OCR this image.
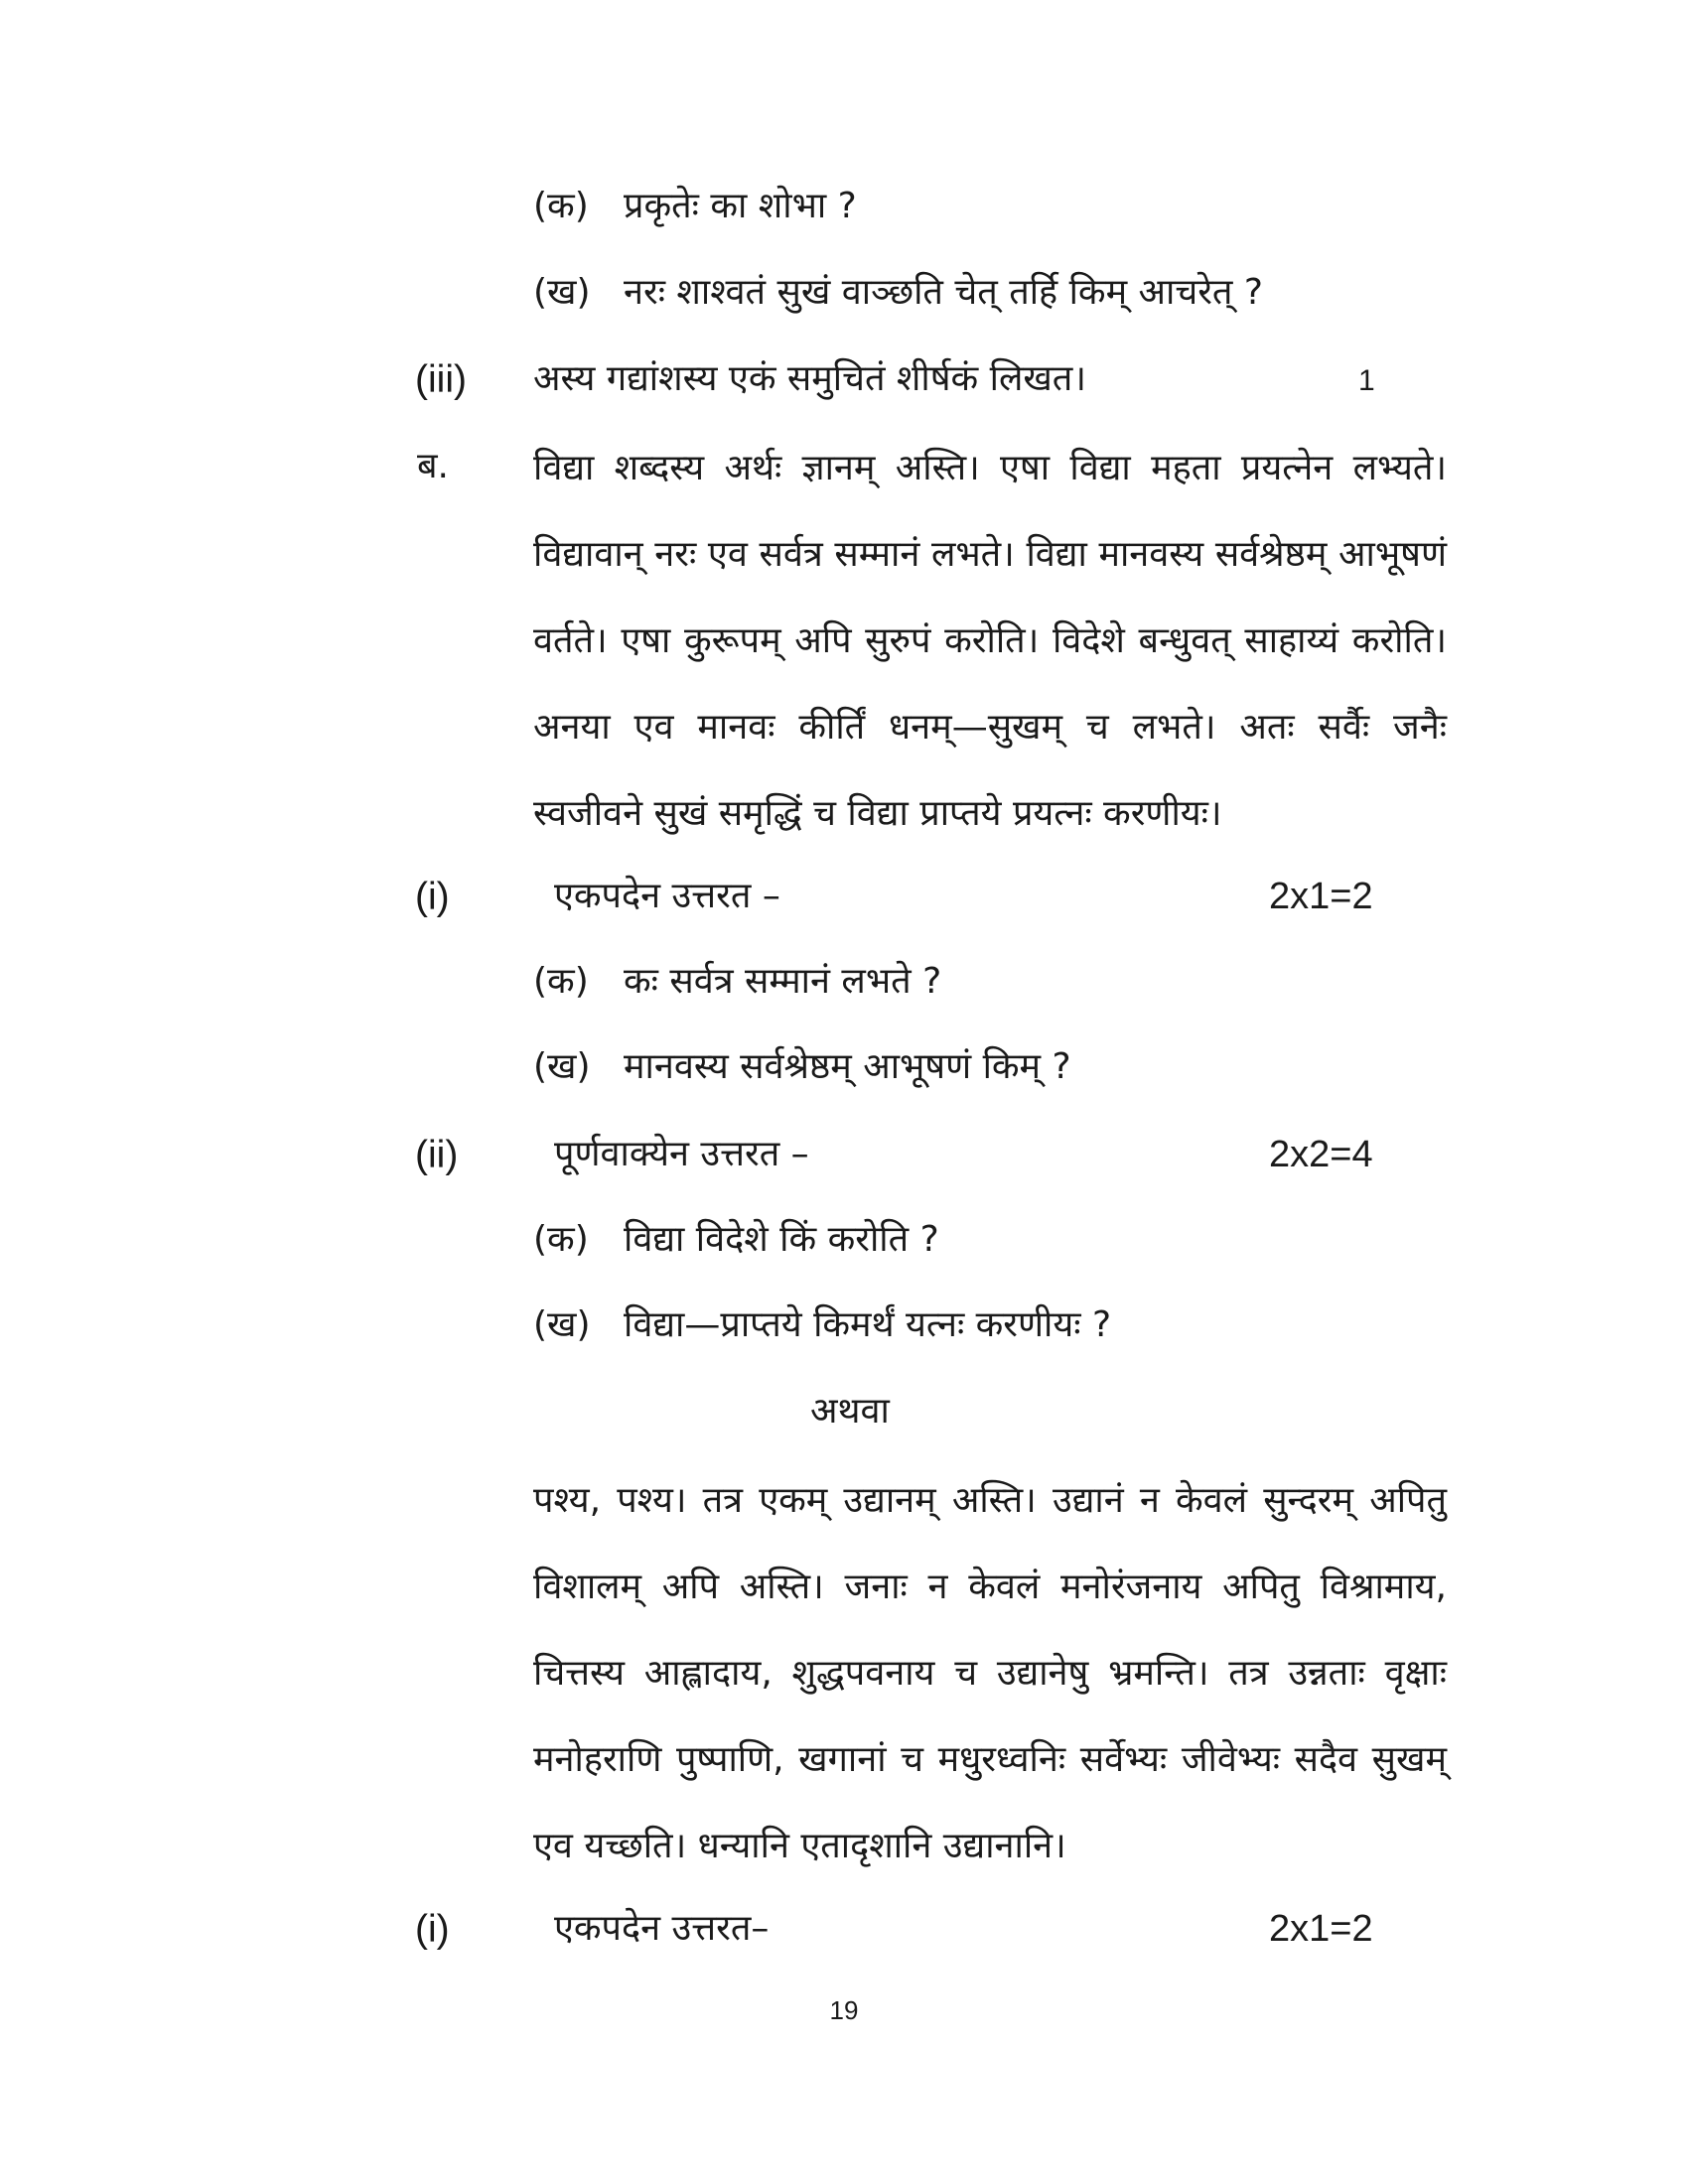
(क) प्रकृतेः का शोभा ?
(ख) नरः शाश्वतं सुखं वाञ्छति चेत् तर्हि किम् आचरेत् ?
(iii) अस्य गद्यांशस्य एकं समुचितं शीर्षकं लिखत।	1
ब. विद्या शब्दस्य अर्थः ज्ञानम् अस्ति। एषा विद्या महता प्रयत्नेन लभ्यते। विद्यावान् नरः एव सर्वत्र सम्मानं लभते। विद्या मानवस्य सर्वश्रेष्ठम् आभूषणं वर्तते। एषा कुरूपम् अपि सुरुपं करोति। विदेशे बन्धुवत् साहाय्यं करोति। अनया एव मानवः कीर्तिं धनम्—सुखम् च लभते। अतः सर्वैः जनैः स्वजीवने सुखं समृद्धिं च विद्या प्राप्तये प्रयत्नः करणीयः।
(i)	एकपदेन उत्तरत –	2x1=2
(क) कः सर्वत्र सम्मानं लभते ?
(ख) मानवस्य सर्वश्रेष्ठम् आभूषणं किम् ?
(ii)	पूर्णवाक्येन उत्तरत –	2x2=4
(क) विद्या विदेशे किं करोति ?
(ख) विद्या—प्राप्तये किमर्थं यत्नः करणीयः ?
अथवा
पश्य, पश्य। तत्र एकम् उद्यानम् अस्ति। उद्यानं न केवलं सुन्दरम् अपितु विशालम् अपि अस्ति। जनाः न केवलं मनोरंजनाय अपितु विश्रामाय, चित्तस्य आह्लादाय, शुद्धपवनाय च उद्यानेषु भ्रमन्ति। तत्र उन्नताः वृक्षाः मनोहराणि पुष्पाणि, खगानां च मधुरध्वनिः सर्वेभ्यः जीवेभ्यः सदैव सुखम् एव यच्छति। धन्यानि एतादृशानि उद्यानानि।
(i)	एकपदेन उत्तरत–	2x1=2
19
